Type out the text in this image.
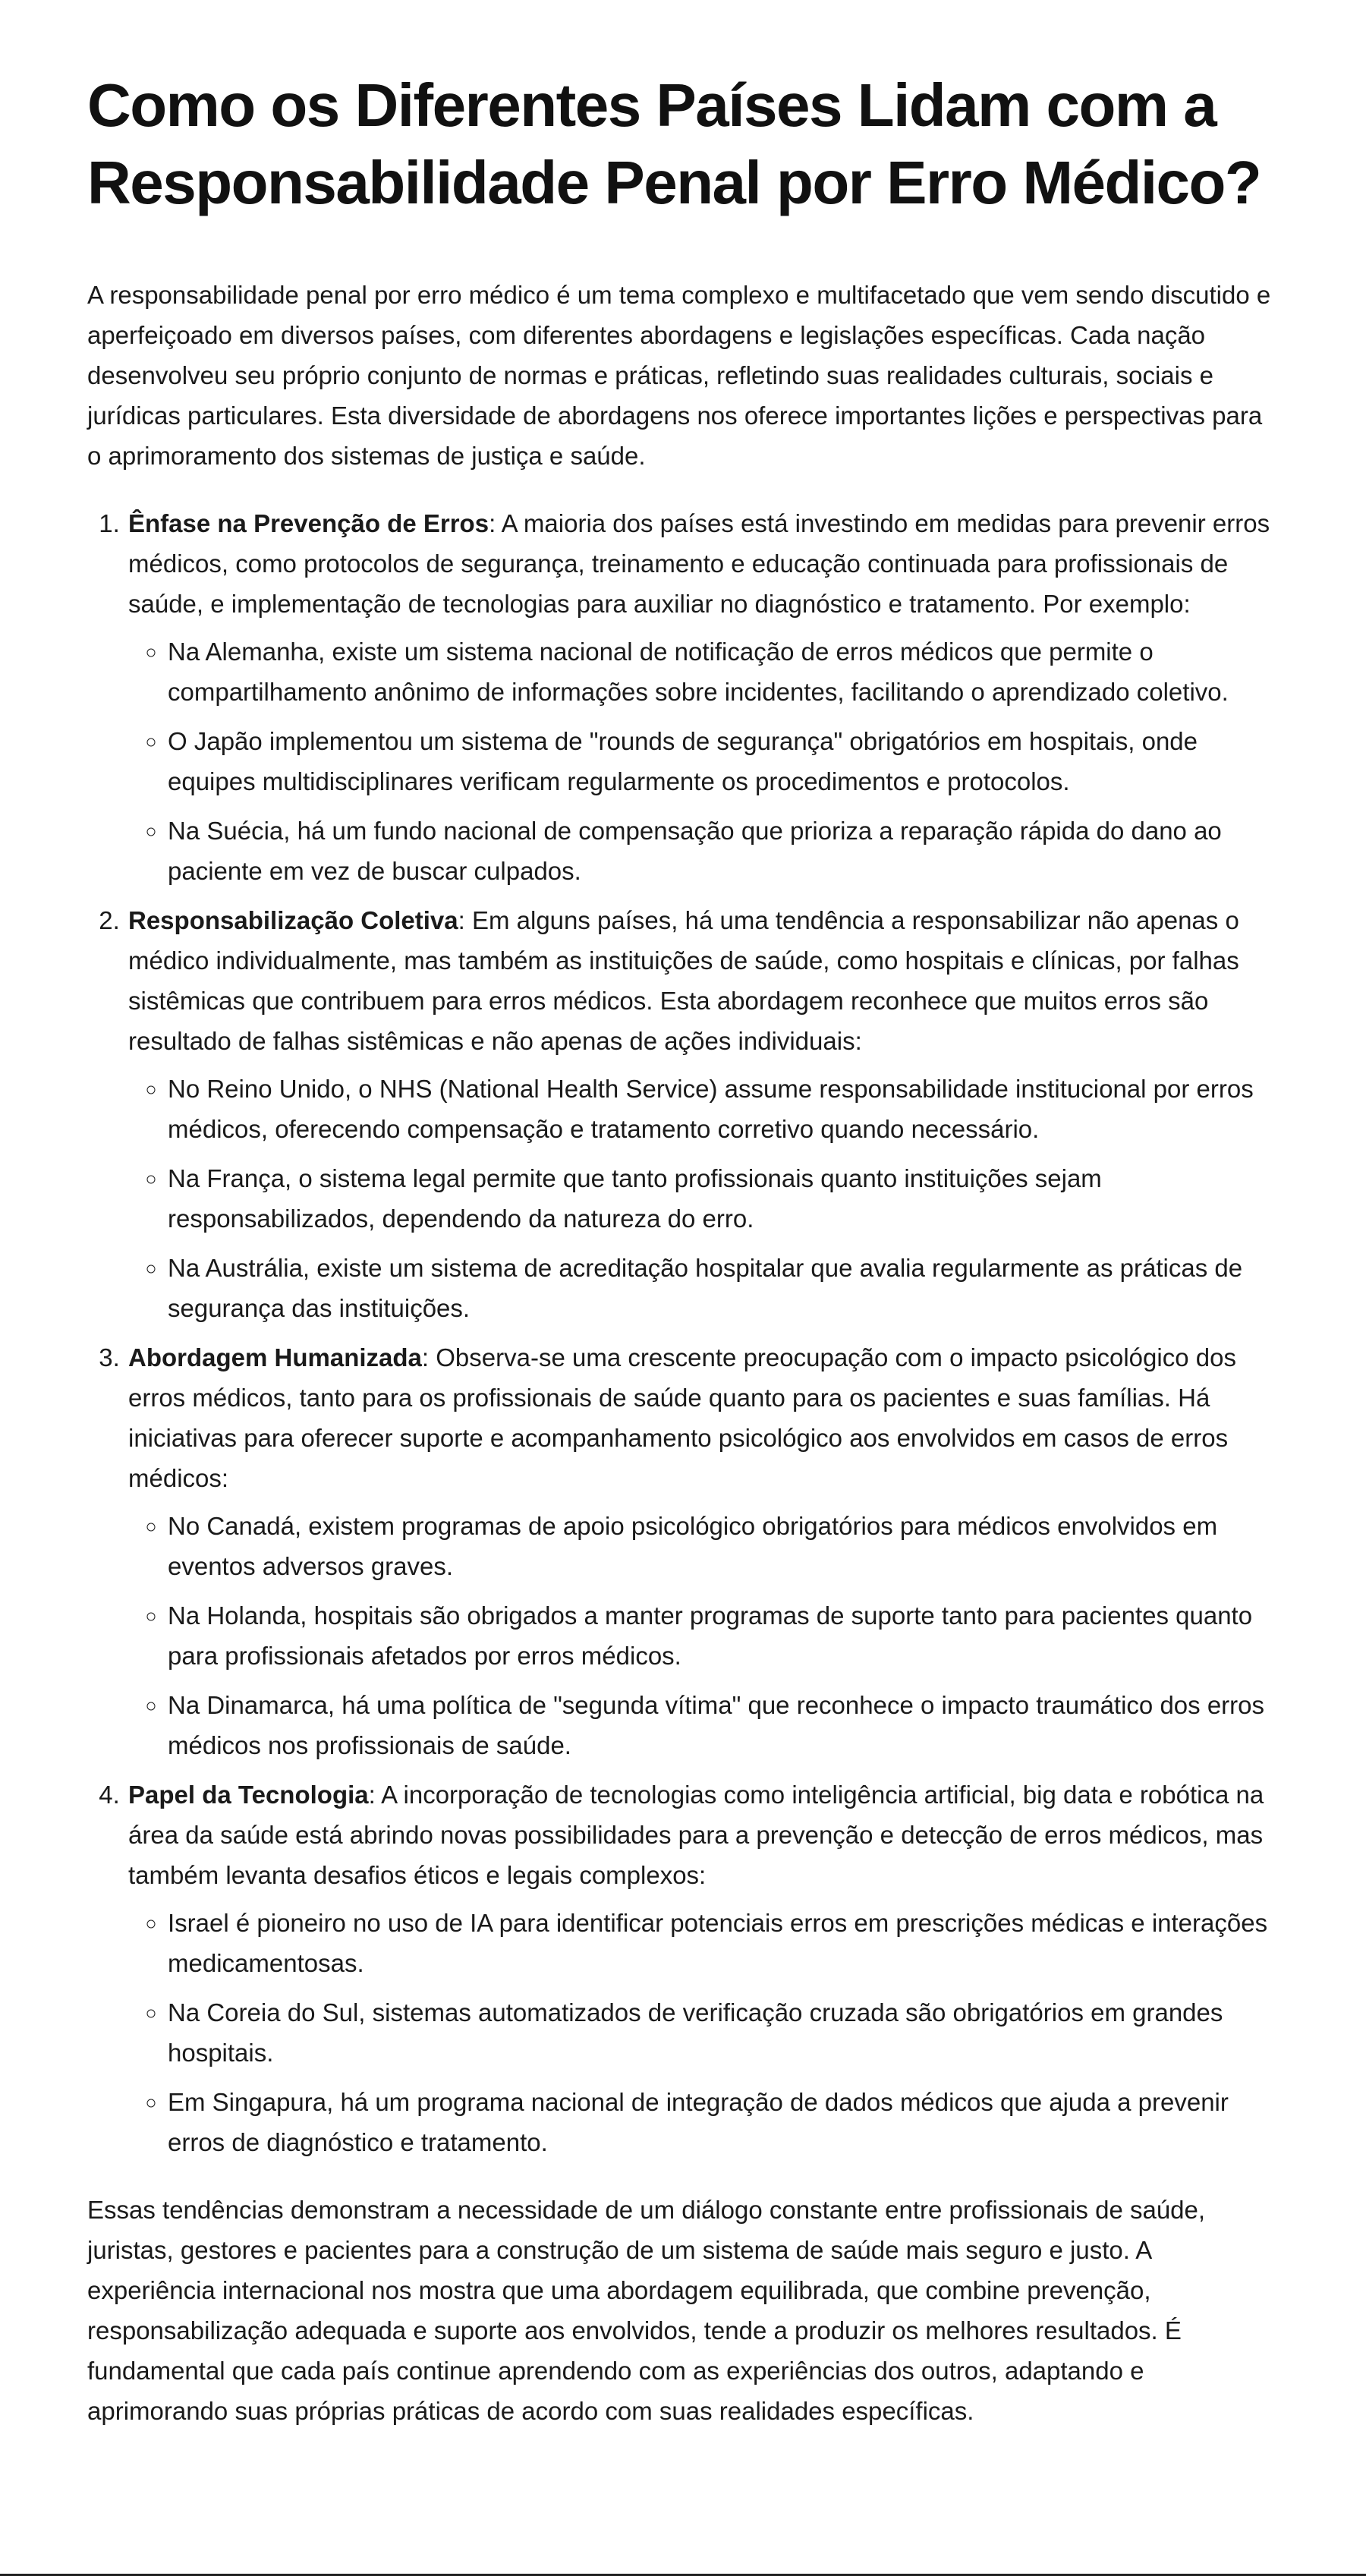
Como os Diferentes Países Lidam com a Responsabilidade Penal por Erro Médico?

A responsabilidade penal por erro médico é um tema complexo e multifacetado que vem sendo discutido e aperfeiçoado em diversos países, com diferentes abordagens e legislações específicas. Cada nação desenvolveu seu próprio conjunto de normas e práticas, refletindo suas realidades culturais, sociais e jurídicas particulares. Esta diversidade de abordagens nos oferece importantes lições e perspectivas para o aprimoramento dos sistemas de justiça e saúde.

1. Ênfase na Prevenção de Erros: A maioria dos países está investindo em medidas para prevenir erros médicos, como protocolos de segurança, treinamento e educação continuada para profissionais de saúde, e implementação de tecnologias para auxiliar no diagnóstico e tratamento. Por exemplo:
◦ Na Alemanha, existe um sistema nacional de notificação de erros médicos que permite o compartilhamento anônimo de informações sobre incidentes, facilitando o aprendizado coletivo.
◦ O Japão implementou um sistema de "rounds de segurança" obrigatórios em hospitais, onde equipes multidisciplinares verificam regularmente os procedimentos e protocolos.
◦ Na Suécia, há um fundo nacional de compensação que prioriza a reparação rápida do dano ao paciente em vez de buscar culpados.
2. Responsabilização Coletiva: Em alguns países, há uma tendência a responsabilizar não apenas o médico individualmente, mas também as instituições de saúde, como hospitais e clínicas, por falhas sistêmicas que contribuem para erros médicos. Esta abordagem reconhece que muitos erros são resultado de falhas sistêmicas e não apenas de ações individuais:
◦ No Reino Unido, o NHS (National Health Service) assume responsabilidade institucional por erros médicos, oferecendo compensação e tratamento corretivo quando necessário.
◦ Na França, o sistema legal permite que tanto profissionais quanto instituições sejam responsabilizados, dependendo da natureza do erro.
◦ Na Austrália, existe um sistema de acreditação hospitalar que avalia regularmente as práticas de segurança das instituições.
3. Abordagem Humanizada: Observa-se uma crescente preocupação com o impacto psicológico dos erros médicos, tanto para os profissionais de saúde quanto para os pacientes e suas famílias. Há iniciativas para oferecer suporte e acompanhamento psicológico aos envolvidos em casos de erros médicos:
◦ No Canadá, existem programas de apoio psicológico obrigatórios para médicos envolvidos em eventos adversos graves.
◦ Na Holanda, hospitais são obrigados a manter programas de suporte tanto para pacientes quanto para profissionais afetados por erros médicos.
◦ Na Dinamarca, há uma política de "segunda vítima" que reconhece o impacto traumático dos erros médicos nos profissionais de saúde.
4. Papel da Tecnologia: A incorporação de tecnologias como inteligência artificial, big data e robótica na área da saúde está abrindo novas possibilidades para a prevenção e detecção de erros médicos, mas também levanta desafios éticos e legais complexos:
◦ Israel é pioneiro no uso de IA para identificar potenciais erros em prescrições médicas e interações medicamentosas.
◦ Na Coreia do Sul, sistemas automatizados de verificação cruzada são obrigatórios em grandes hospitais.
◦ Em Singapura, há um programa nacional de integração de dados médicos que ajuda a prevenir erros de diagnóstico e tratamento.

Essas tendências demonstram a necessidade de um diálogo constante entre profissionais de saúde, juristas, gestores e pacientes para a construção de um sistema de saúde mais seguro e justo. A experiência internacional nos mostra que uma abordagem equilibrada, que combine prevenção, responsabilização adequada e suporte aos envolvidos, tende a produzir os melhores resultados. É fundamental que cada país continue aprendendo com as experiências dos outros, adaptando e aprimorando suas próprias práticas de acordo com suas realidades específicas.
